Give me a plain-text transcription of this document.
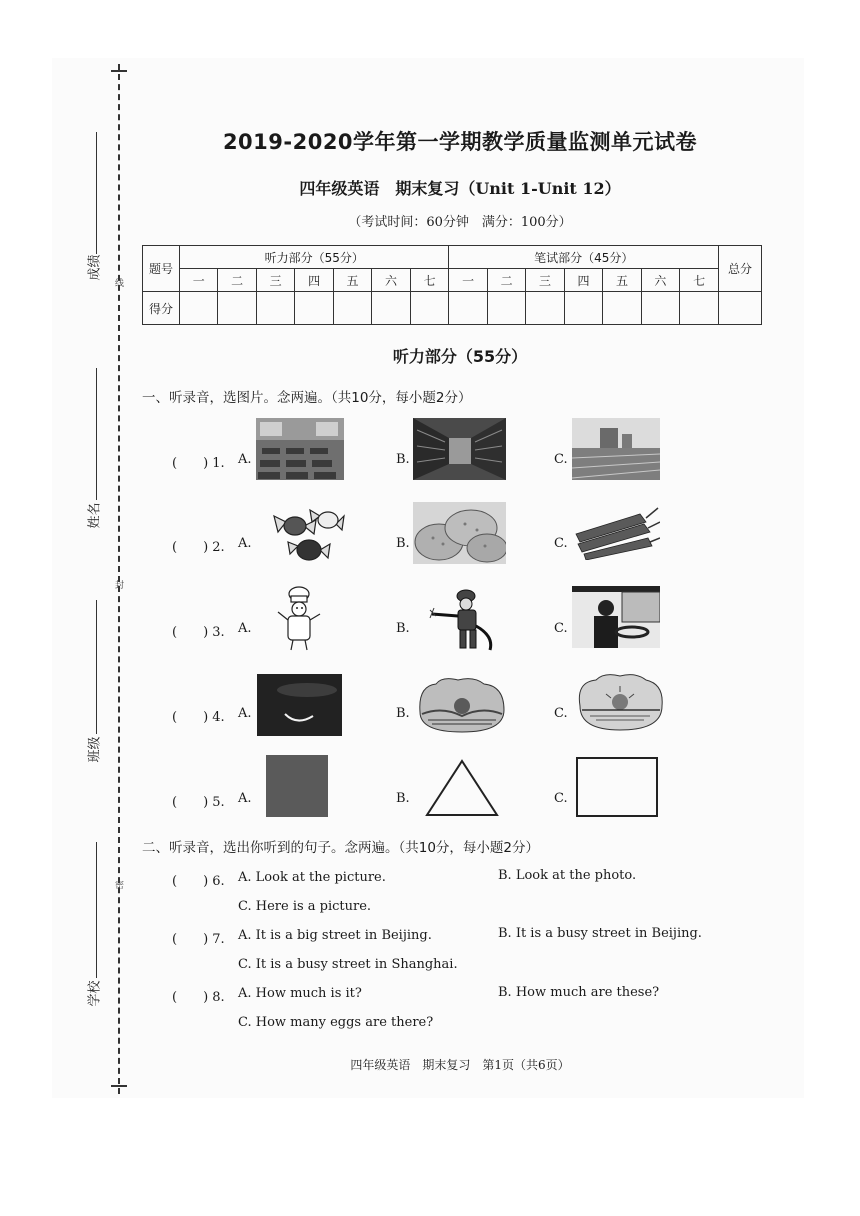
线
封
密
成绩
姓名
班级
学校
2019-2020学年第一学期教学质量监测单元试卷
四年级英语　期末复习（Unit 1-Unit 12）
（考试时间：60分钟　满分：100分）
题号	听力部分（55分）							笔试部分（45分）							总分
	一	二	三	四	五	六	七	一	二	三	四	五	六	七	
得分															
听力部分（55分）
一、听录音，选图片。念两遍。（共10分，每小题2分）
(　　) 1. A.	B.	C.
(　　) 2. A.	B.	C.
(　　) 3. A.	B.	C.
(　　) 4. A.	B.	C.
(　　) 5. A.	B.	C.
二、听录音，选出你听到的句子。念两遍。（共10分，每小题2分）
(　　) 6. A. Look at the picture.	B. Look at the photo.
C. Here is a picture.
(　　) 7. A. It is a big street in Beijing.	B. It is a busy street in Beijing.
C. It is a busy street in Shanghai.
(　　) 8. A. How much is it?	B. How much are these?
C. How many eggs are there?
四年级英语　期末复习　第1页（共6页）
